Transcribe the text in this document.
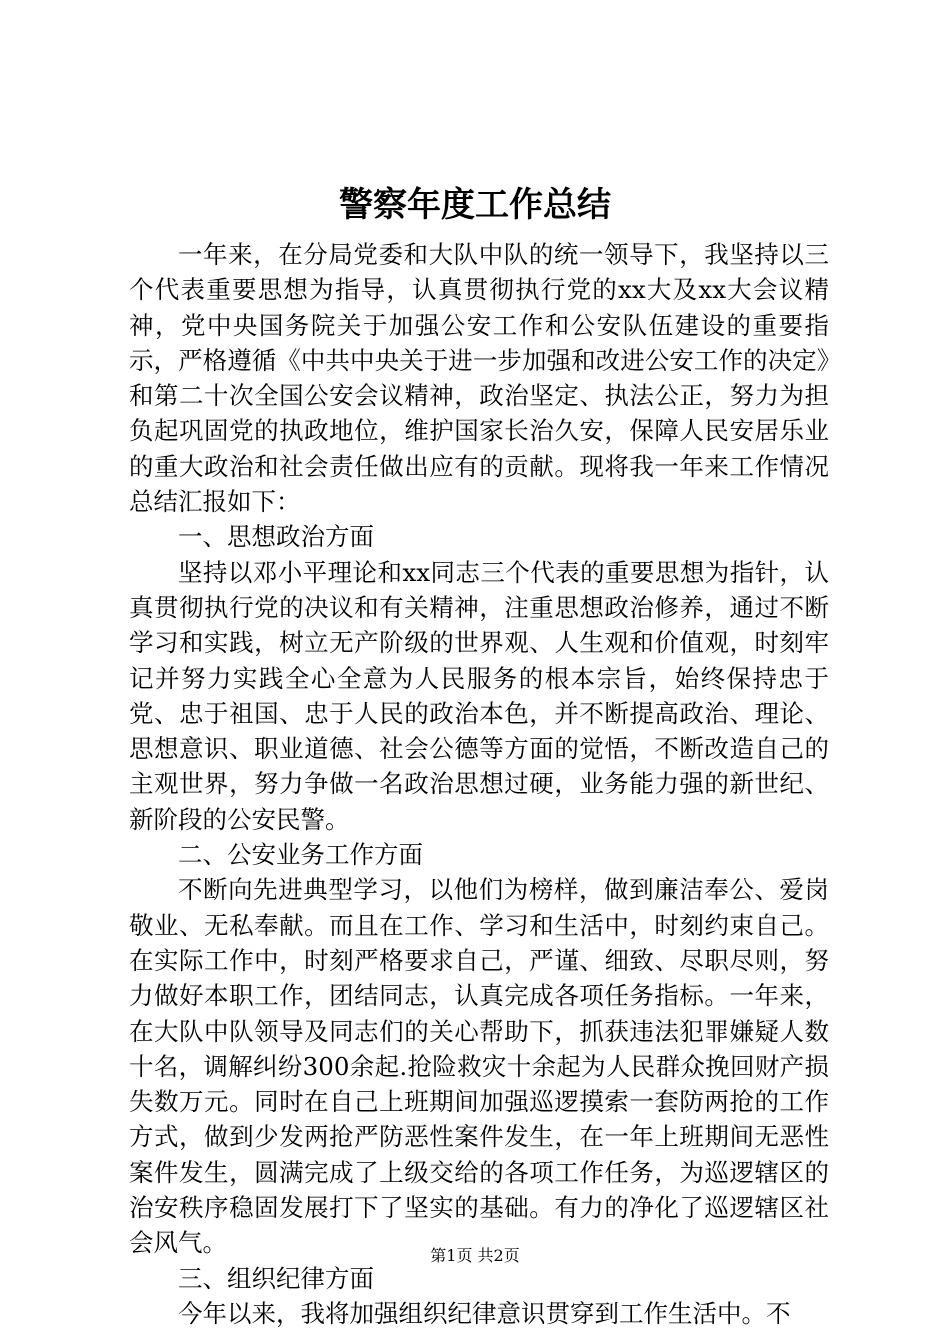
警察年度工作总结

一年来，在分局党委和大队中队的统一领导下，我坚持以三个代表重要思想为指导，认真贯彻执行党的xx大及xx大会议精神，党中央国务院关于加强公安工作和公安队伍建设的重要指示，严格遵循《中共中央关于进一步加强和改进公安工作的决定》和第二十次全国公安会议精神，政治坚定、执法公正，努力为担负起巩固党的执政地位，维护国家长治久安，保障人民安居乐业的重大政治和社会责任做出应有的贡献。现将我一年来工作情况总结汇报如下：

一、思想政治方面

坚持以邓小平理论和xx同志三个代表的重要思想为指针，认真贯彻执行党的决议和有关精神，注重思想政治修养，通过不断学习和实践，树立无产阶级的世界观、人生观和价值观，时刻牢记并努力实践全心全意为人民服务的根本宗旨，始终保持忠于党、忠于祖国、忠于人民的政治本色，并不断提高政治、理论、思想意识、职业道德、社会公德等方面的觉悟，不断改造自己的主观世界，努力争做一名政治思想过硬，业务能力强的新世纪、新阶段的公安民警。

二、公安业务工作方面

不断向先进典型学习，以他们为榜样，做到廉洁奉公、爱岗敬业、无私奉献。而且在工作、学习和生活中，时刻约束自己。在实际工作中，时刻严格要求自己，严谨、细致、尽职尽则，努力做好本职工作，团结同志，认真完成各项任务指标。一年来，在大队中队领导及同志们的关心帮助下，抓获违法犯罪嫌疑人数十名，调解纠纷300余起.抢险救灾十余起为人民群众挽回财产损失数万元。同时在自己上班期间加强巡逻摸索一套防两抢的工作方式，做到少发两抢严防恶性案件发生，在一年上班期间无恶性案件发生，圆满完成了上级交给的各项工作任务，为巡逻辖区的治安秩序稳固发展打下了坚实的基础。有力的净化了巡逻辖区社会风气。

三、组织纪律方面

今年以来，我将加强组织纪律意识贯穿到工作生活中。不

第1页 共2页
